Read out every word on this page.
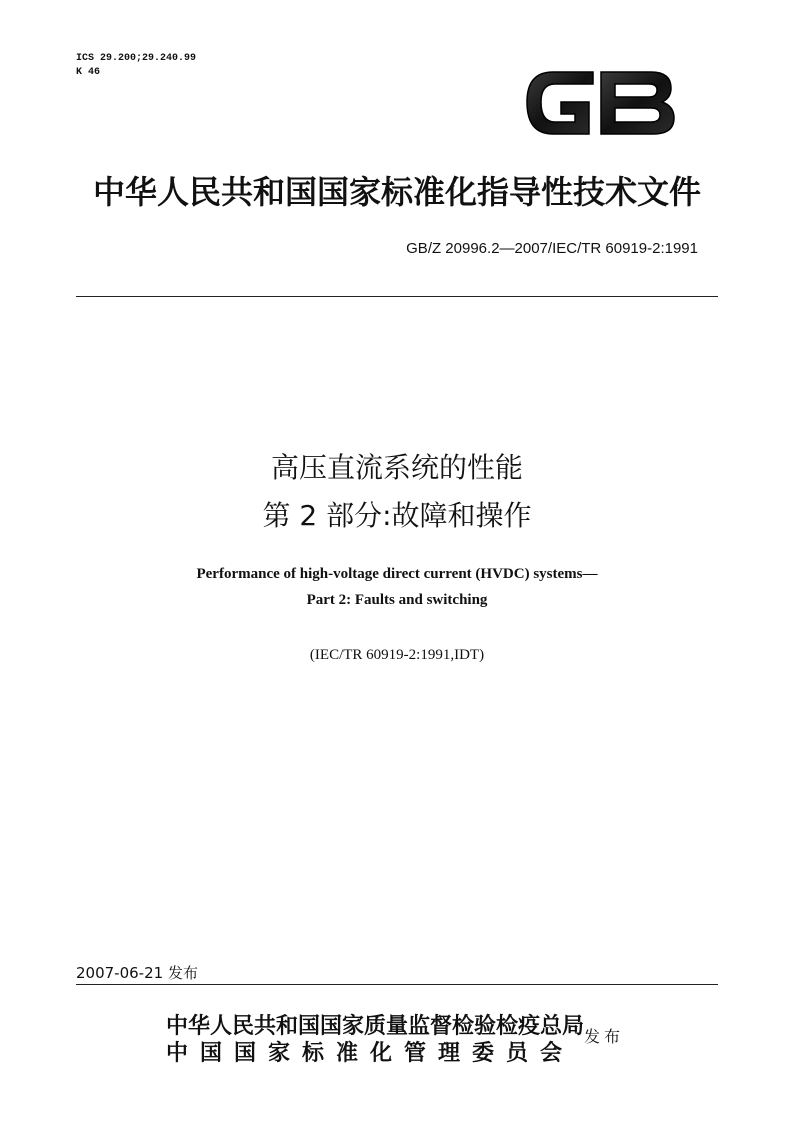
ICS 29.200;29.240.99
K 46
GB
中华人民共和国国家标准化指导性技术文件
GB/Z 20996.2—2007/IEC/TR 60919-2:1991
高压直流系统的性能
第 2 部分:故障和操作
Performance of high-voltage direct current (HVDC) systems—
Part 2: Faults and switching
(IEC/TR 60919-2:1991,IDT)
2007-06-21 发布
中华人民共和国国家质量监督检验检疫总局
中国国家标准化管理委员会
发布
